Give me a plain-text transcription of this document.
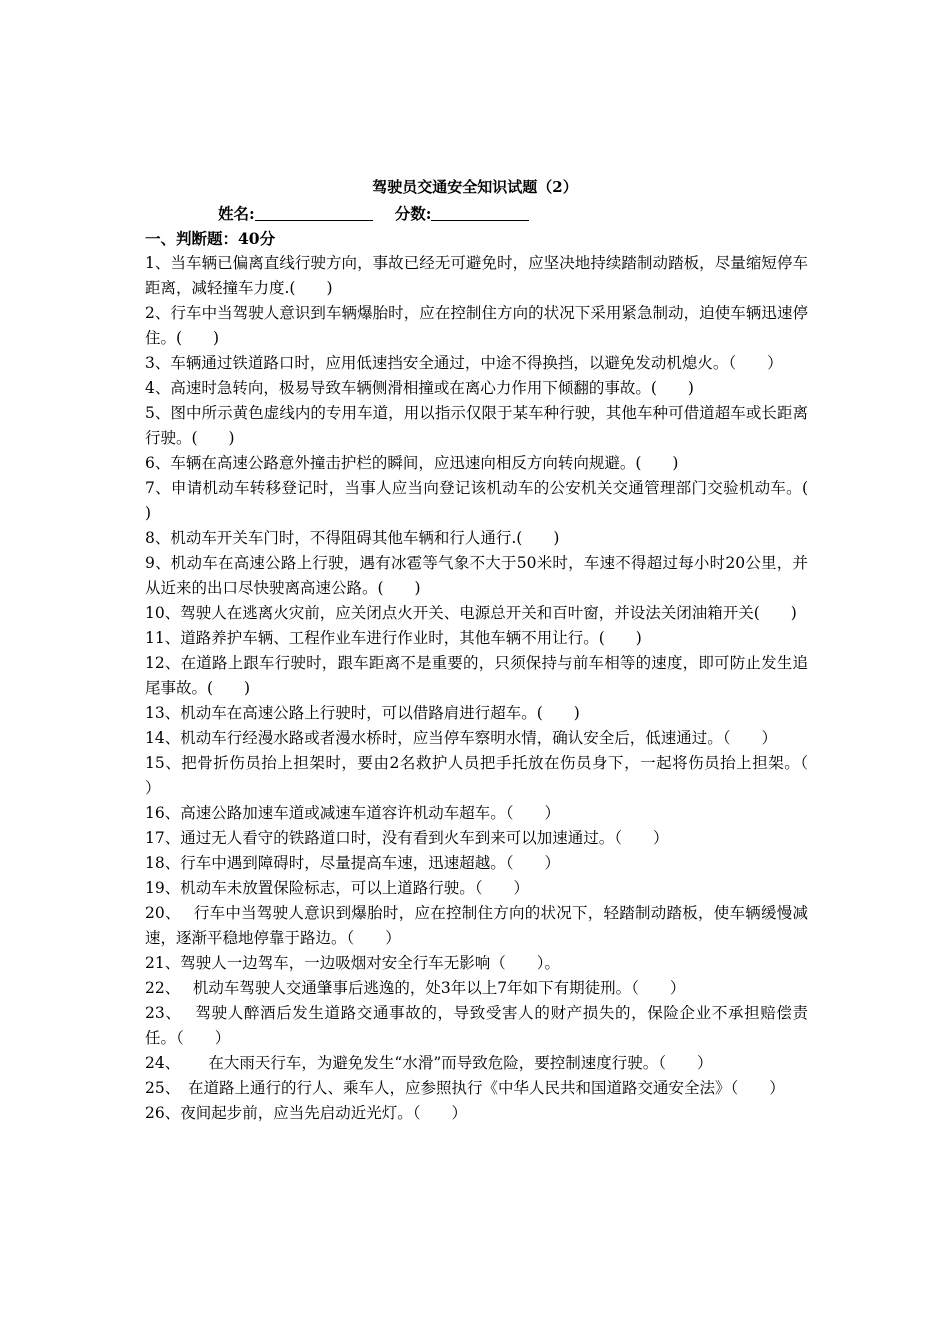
驾驶员交通安全知识试题（2）
姓名:	分数:
一、判断题：40分

1、当车辆已偏离直线行驶方向，事故已经无可避免时，应坚决地持续踏制动踏板，尽量缩短停车距离，减轻撞车力度.(　　)

2、行车中当驾驶人意识到车辆爆胎时，应在控制住方向的状况下采用紧急制动，迫使车辆迅速停住。(　　)

3、车辆通过铁道路口时，应用低速挡安全通过，中途不得换挡，以避免发动机熄火。（　　）

4、高速时急转向，极易导致车辆侧滑相撞或在离心力作用下倾翻的事故。(　　)

5、图中所示黄色虚线内的专用车道，用以指示仅限于某车种行驶，其他车种可借道超车或长距离行驶。(　　)

6、车辆在高速公路意外撞击护栏的瞬间，应迅速向相反方向转向规避。(　　)

7、申请机动车转移登记时，当事人应当向登记该机动车的公安机关交通管理部门交验机动车。(　　)

8、机动车开关车门时，不得阻碍其他车辆和行人通行.(　　)

9、机动车在高速公路上行驶，遇有冰雹等气象不大于50米时，车速不得超过每小时20公里，并从近来的出口尽快驶离高速公路。(　　)

10、驾驶人在逃离火灾前，应关闭点火开关、电源总开关和百叶窗，并设法关闭油箱开关(　　)

11、道路养护车辆、工程作业车进行作业时，其他车辆不用让行。(　　)

12、在道路上跟车行驶时，跟车距离不是重要的，只须保持与前车相等的速度，即可防止发生追尾事故。(　　)

13、机动车在高速公路上行驶时，可以借路肩进行超车。(　　)

14、机动车行经漫水路或者漫水桥时，应当停车察明水情，确认安全后，低速通过。（　　）

15、把骨折伤员抬上担架时，要由2名救护人员把手托放在伤员身下，一起将伤员抬上担架。（　　）

16、高速公路加速车道或减速车道容许机动车超车。（　　）

17、通过无人看守的铁路道口时，没有看到火车到来可以加速通过。（　　）

18、行车中遇到障碍时，尽量提高车速，迅速超越。（　　）

19、机动车未放置保险标志，可以上道路行驶。（　　）

20、　 行车中当驾驶人意识到爆胎时，应在控制住方向的状况下，轻踏制动踏板，使车辆缓慢减速，逐渐平稳地停靠于路边。（　　）

21、驾驶人一边驾车，一边吸烟对安全行车无影响（　　）。

22、　 机动车驾驶人交通肇事后逃逸的，处3年以上7年如下有期徒刑。（　　）

23、　 驾驶人醉酒后发生道路交通事故的，导致受害人的财产损失的，保险企业不承担赔偿责任。（　　）

24、　　 在大雨天行车，为避免发生“水滑”而导致危险，要控制速度行驶。（　　）

25、　在道路上通行的行人、乘车人，应参照执行《中华人民共和国道路交通安全法》（　　）

26、夜间起步前，应当先启动近光灯。（　　）
